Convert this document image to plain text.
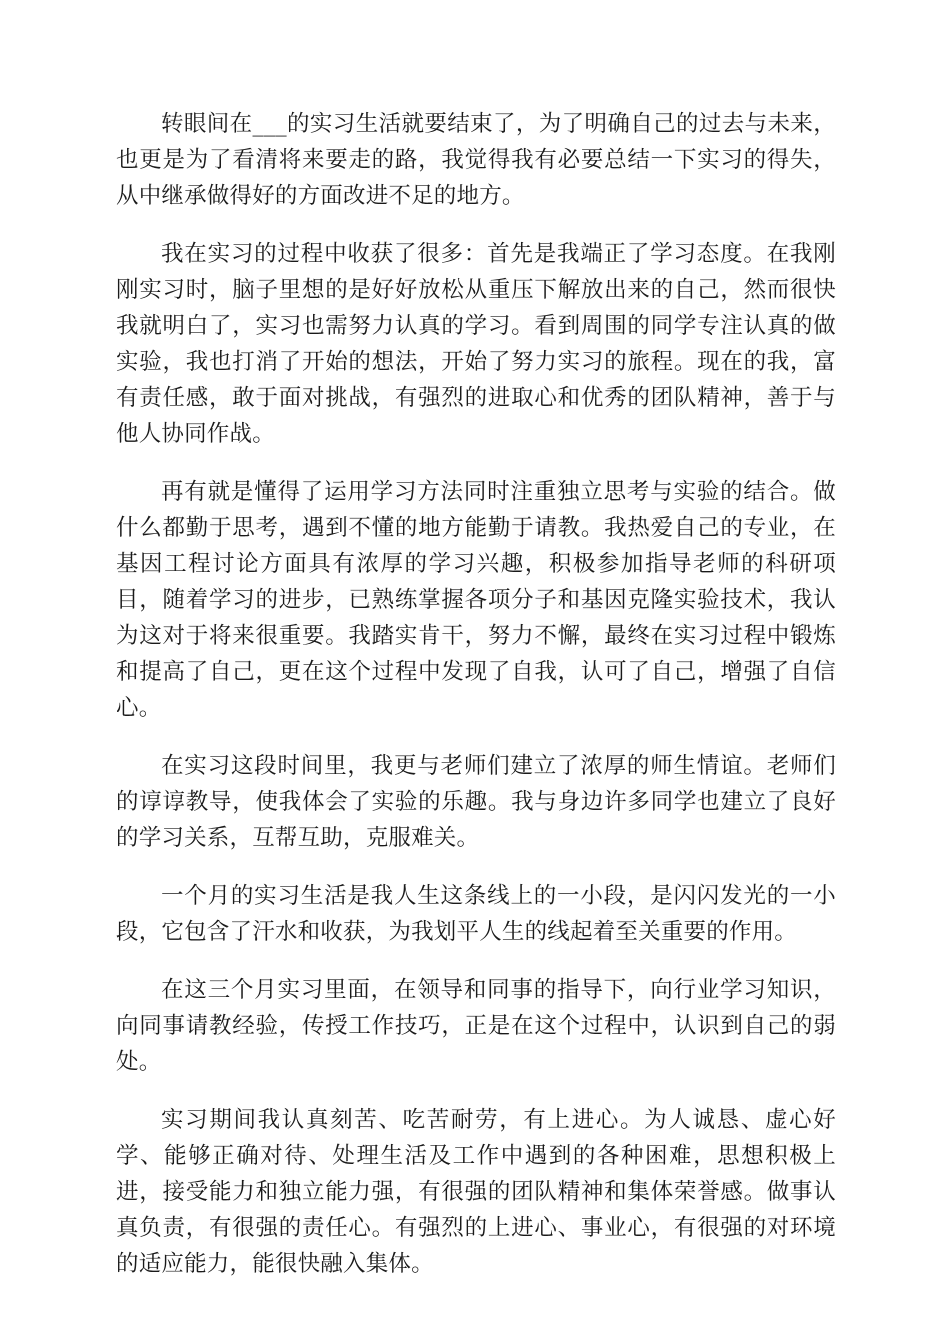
转眼间在___的实习生活就要结束了，为了明确自己的过去与未来，也更是为了看清将来要走的路，我觉得我有必要总结一下实习的得失，从中继承做得好的方面改进不足的地方。

我在实习的过程中收获了很多：首先是我端正了学习态度。在我刚刚实习时，脑子里想的是好好放松从重压下解放出来的自己，然而很快我就明白了，实习也需努力认真的学习。看到周围的同学专注认真的做实验，我也打消了开始的想法，开始了努力实习的旅程。现在的我，富有责任感，敢于面对挑战，有强烈的进取心和优秀的团队精神，善于与他人协同作战。

再有就是懂得了运用学习方法同时注重独立思考与实验的结合。做什么都勤于思考，遇到不懂的地方能勤于请教。我热爱自己的专业，在基因工程讨论方面具有浓厚的学习兴趣，积极参加指导老师的科研项目，随着学习的进步，已熟练掌握各项分子和基因克隆实验技术，我认为这对于将来很重要。我踏实肯干，努力不懈，最终在实习过程中锻炼和提高了自己，更在这个过程中发现了自我，认可了自己，增强了自信心。

在实习这段时间里，我更与老师们建立了浓厚的师生情谊。老师们的谆谆教导，使我体会了实验的乐趣。我与身边许多同学也建立了良好的学习关系，互帮互助，克服难关。

一个月的实习生活是我人生这条线上的一小段，是闪闪发光的一小段，它包含了汗水和收获，为我划平人生的线起着至关重要的作用。

在这三个月实习里面，在领导和同事的指导下，向行业学习知识，向同事请教经验，传授工作技巧，正是在这个过程中，认识到自己的弱处。

实习期间我认真刻苦、吃苦耐劳，有上进心。为人诚恳、虚心好学、能够正确对待、处理生活及工作中遇到的各种困难，思想积极上进，接受能力和独立能力强，有很强的团队精神和集体荣誉感。做事认真负责，有很强的责任心。有强烈的上进心、事业心，有很强的对环境的适应能力，能很快融入集体。
